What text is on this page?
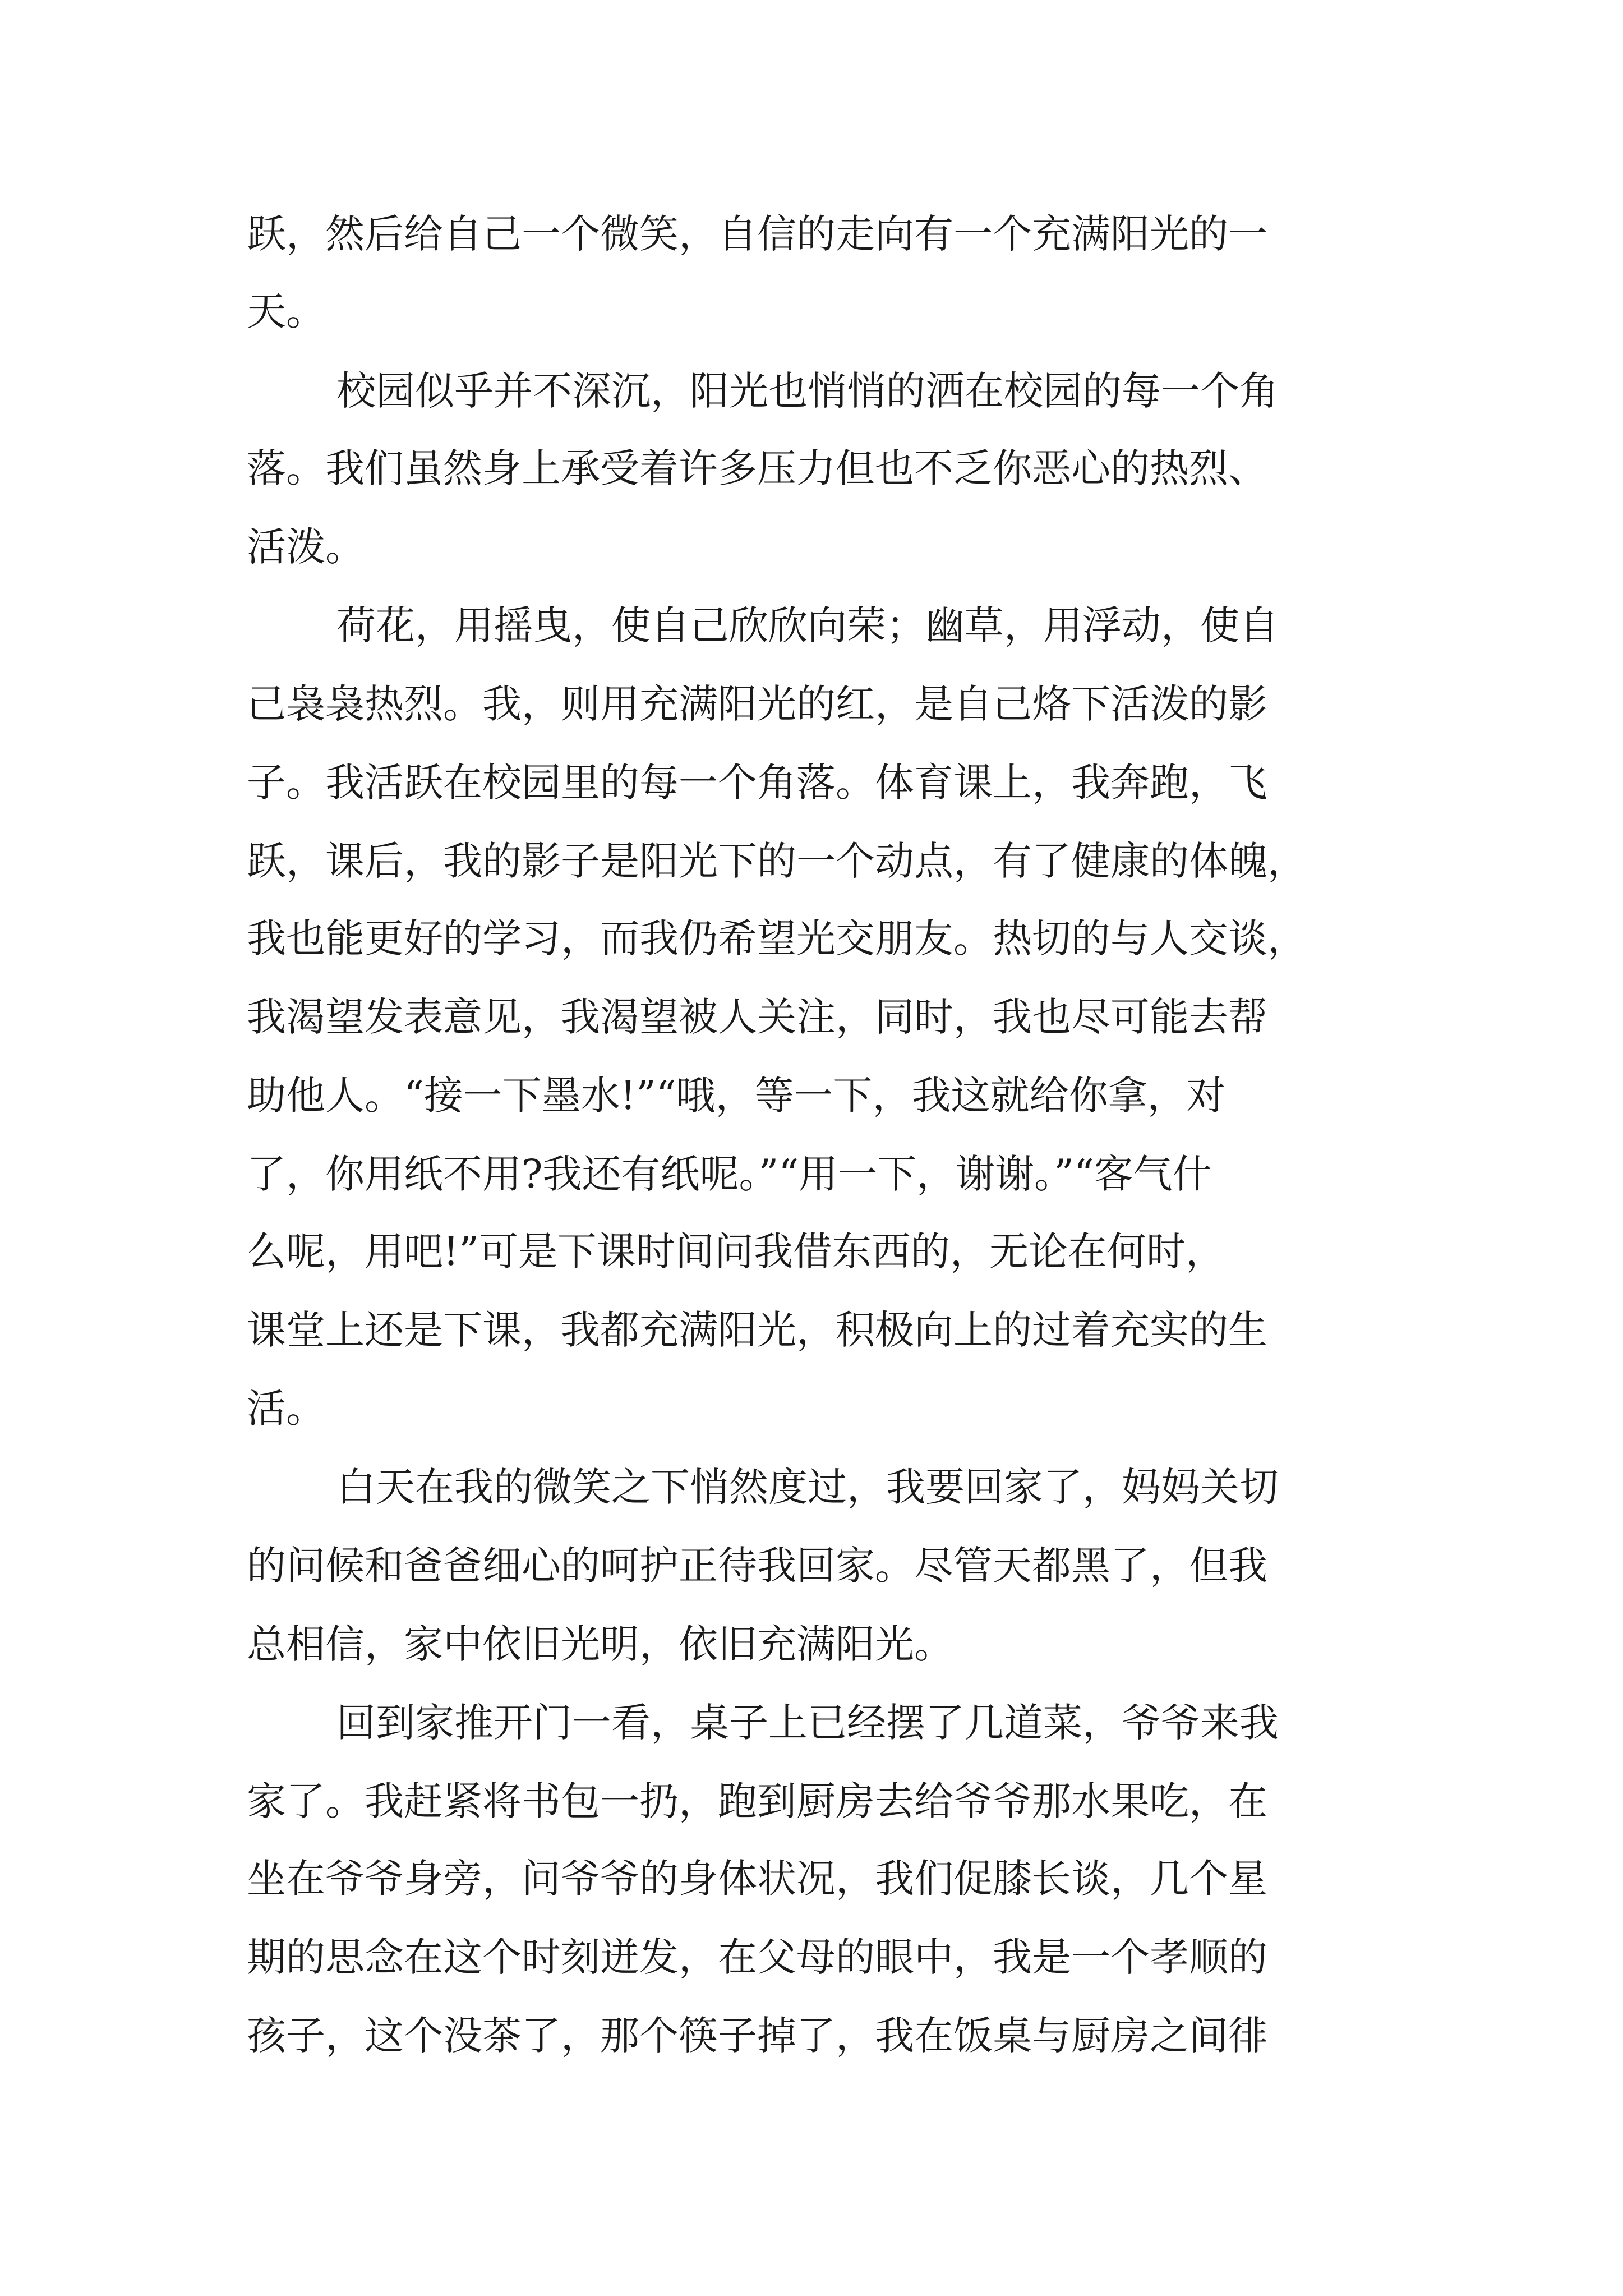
跃，然后给自己一个微笑，自信的走向有一个充满阳光的一

天。

校园似乎并不深沉，阳光也悄悄的洒在校园的每一个角

落。我们虽然身上承受着许多压力但也不乏你恶心的热烈、

活泼。

荷花，用摇曳，使自己欣欣向荣；幽草，用浮动，使自

己袅袅热烈。我，则用充满阳光的红，是自己烙下活泼的影

子。我活跃在校园里的每一个角落。体育课上，我奔跑，飞

跃，课后，我的影子是阳光下的一个动点，有了健康的体魄，

我也能更好的学习，而我仍希望光交朋友。热切的与人交谈，

我渴望发表意见，我渴望被人关注，同时，我也尽可能去帮

助他人。“接一下墨水!”“哦，等一下，我这就给你拿，对

了，你用纸不用?我还有纸呢。”“用一下，谢谢。”“客气什

么呢，用吧!”可是下课时间问我借东西的，无论在何时，

课堂上还是下课，我都充满阳光，积极向上的过着充实的生

活。

白天在我的微笑之下悄然度过，我要回家了，妈妈关切

的问候和爸爸细心的呵护正待我回家。尽管天都黑了，但我

总相信，家中依旧光明，依旧充满阳光。

回到家推开门一看，桌子上已经摆了几道菜，爷爷来我

家了。我赶紧将书包一扔，跑到厨房去给爷爷那水果吃，在

坐在爷爷身旁，问爷爷的身体状况，我们促膝长谈，几个星

期的思念在这个时刻迸发，在父母的眼中，我是一个孝顺的

孩子，这个没茶了，那个筷子掉了，我在饭桌与厨房之间徘
